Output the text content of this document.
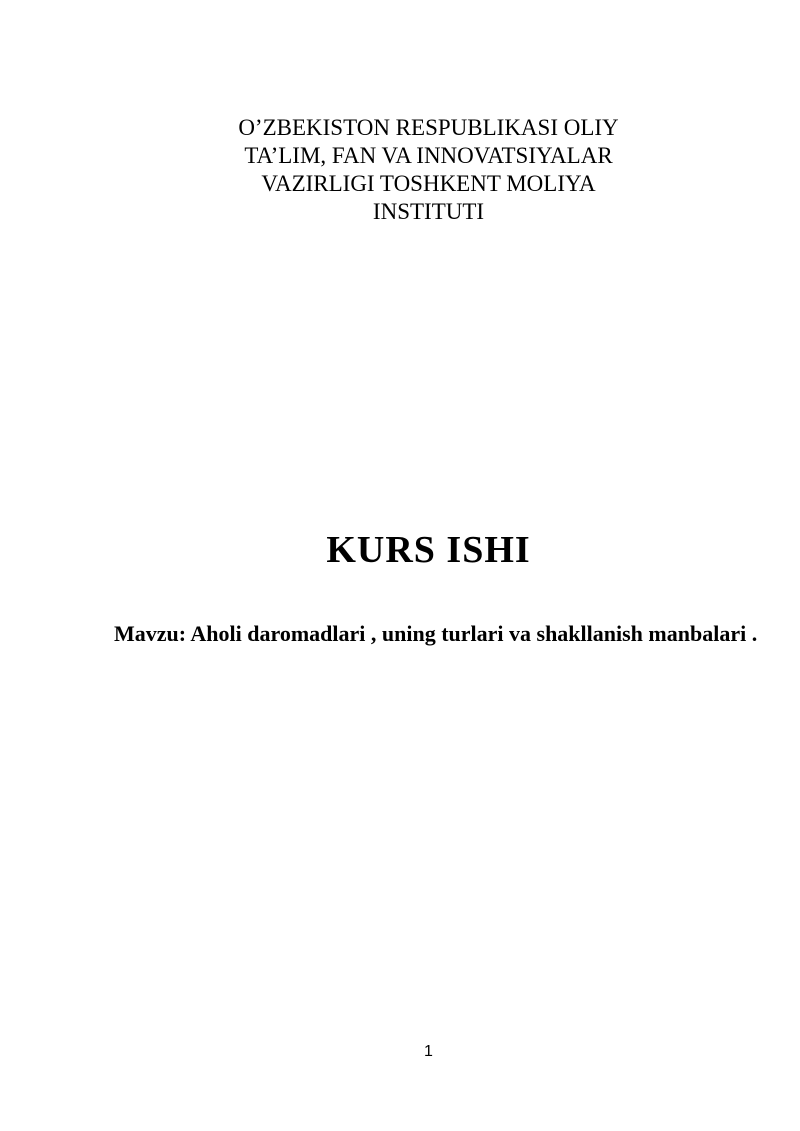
O’ZBEKISTON RESPUBLIKASI OLIY
TA’LIM, FAN VA INNOVATSIYALAR
VAZIRLIGI TOSHKENT MOLIYA
INSTITUTI
KURS ISHI

Mavzu: Aholi daromadlari , uning turlari va shakllanish manbalari .

1
